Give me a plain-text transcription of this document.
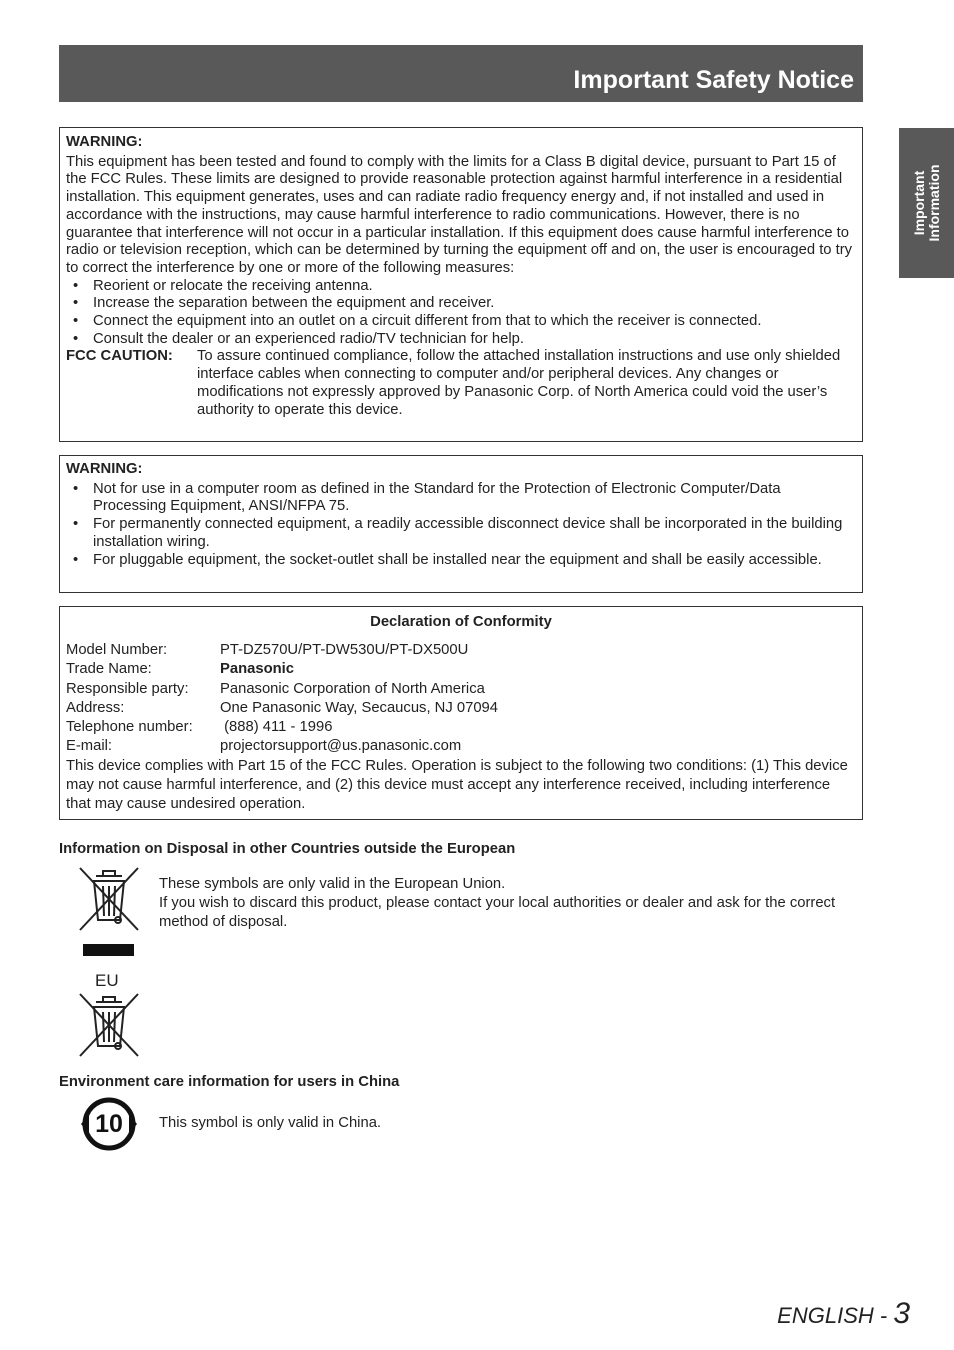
Important Safety Notice
Important
Information

WARNING:

This equipment has been tested and found to comply with the limits for a Class B digital device, pursuant to Part 15 of the FCC Rules. These limits are designed to provide reasonable protection against harmful interference in a residential installation. This equipment generates, uses and can radiate radio frequency energy and, if not installed and used in accordance with the instructions, may cause harmful interference to radio communications. However, there is no guarantee that interference will not occur in a particular installation. If this equipment does cause harmful interference to radio or television reception, which can be determined by turning the equipment off and on, the user is encouraged to try to correct the interference by one or more of the following measures:

• Reorient or relocate the receiving antenna.
• Increase the separation between the equipment and receiver.
• Connect the equipment into an outlet on a circuit different from that to which the receiver is connected.
• Consult the dealer or an experienced radio/TV technician for help.
FCC CAUTION:	To assure continued compliance, follow the attached installation instructions and use only shielded interface cables when connecting to computer and/or peripheral devices. Any changes or modifications not expressly approved by Panasonic Corp. of North America could void the user’s authority to operate this device.

WARNING:

• Not for use in a computer room as defined in the Standard for the Protection of Electronic Computer/Data Processing Equipment, ANSI/NFPA 75.
• For permanently connected equipment, a readily accessible disconnect device shall be incorporated in the building installation wiring.
• For pluggable equipment, the socket-outlet shall be installed near the equipment and shall be easily accessible.

Declaration of Conformity

Model Number:	PT-DZ570U/PT-DW530U/PT-DX500U
Trade Name:	Panasonic
Responsible party:	Panasonic Corporation of North America
Address:	One Panasonic Way, Secaucus, NJ 07094
Telephone number:	(888) 411 - 1996
E-mail:	projectorsupport@us.panasonic.com

This device complies with Part 15 of the FCC Rules. Operation is subject to the following two conditions: (1) This device may not cause harmful interference, and (2) this device must accept any interference received, including interference that may cause undesired operation.

Information on Disposal in other Countries outside the European

EU
These symbols are only valid in the European Union.
If you wish to discard this product, please contact your local authorities or dealer and ask for the correct method of disposal.

Environment care information for users in China

10	This symbol is only valid in China.

ENGLISH - 3
